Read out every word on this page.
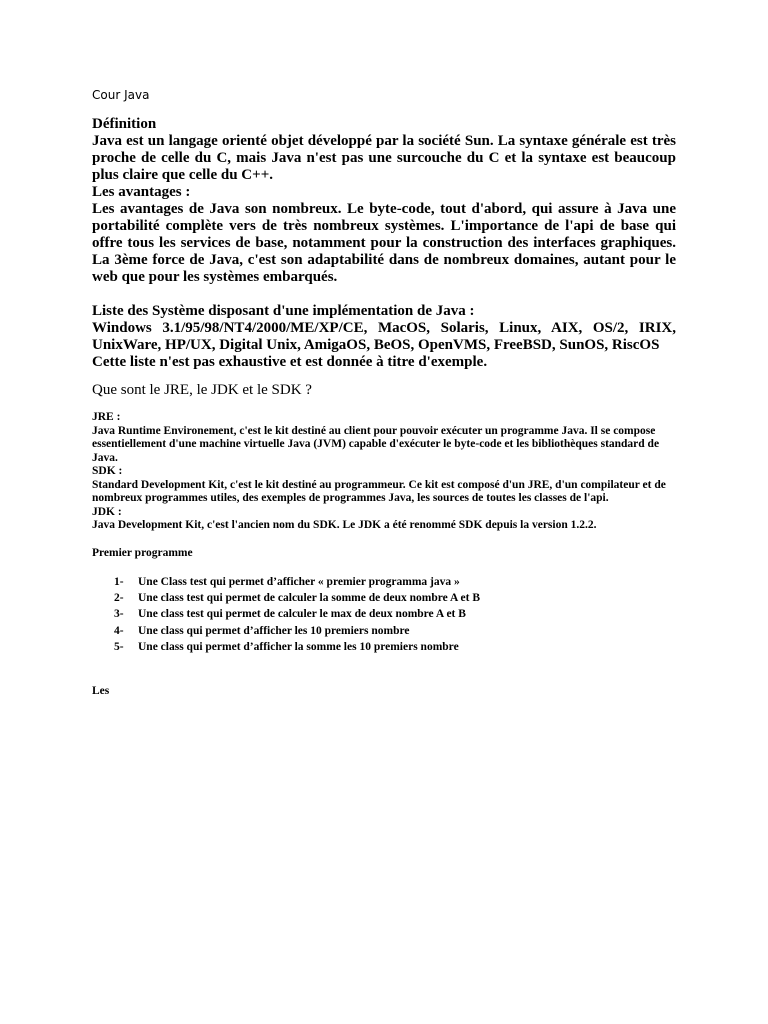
Cour Java

Définition

Java est un langage orienté objet développé par la société Sun. La syntaxe générale est très proche de celle du C, mais Java n'est pas une surcouche du C et la syntaxe est beaucoup plus claire que celle du C++.

Les avantages :

Les avantages de Java son nombreux. Le byte-code, tout d'abord, qui assure à Java une portabilité complète vers de très nombreux systèmes. L'importance de l'api de base qui offre tous les services de base, notamment pour la construction des interfaces graphiques. La 3ème force de Java, c'est son adaptabilité dans de nombreux domaines, autant pour le web que pour les systèmes embarqués.

Liste des Système disposant d'une implémentation de Java :

Windows 3.1/95/98/NT4/2000/ME/XP/CE, MacOS, Solaris, Linux, AIX, OS/2, IRIX, UnixWare, HP/UX, Digital Unix, AmigaOS, BeOS, OpenVMS, FreeBSD, SunOS, RiscOS

Cette liste n'est pas exhaustive et est donnée à titre d'exemple.

Que sont le JRE, le JDK et le SDK ?

JRE :

Java Runtime Environement, c'est le kit destiné au client pour pouvoir exécuter un programme Java. Il se compose essentiellement d'une machine virtuelle Java (JVM) capable d'exécuter le byte-code et les bibliothèques standard de Java.

SDK :

Standard Development Kit, c'est le kit destiné au programmeur. Ce kit est composé d'un JRE, d'un compilateur et de nombreux programmes utiles, des exemples de programmes Java, les sources de toutes les classes de l'api.

JDK :

Java Development Kit, c'est l'ancien nom du SDK. Le JDK a été renommé SDK depuis la version 1.2.2.

Premier programme

1- Une Class test qui permet d’afficher « premier programma java »
2- Une class test qui permet de calculer la somme de deux nombre A et B
3- Une class test qui permet de calculer le max de deux nombre A et B
4- Une class qui permet d’afficher les 10 premiers nombre
5- Une class qui permet d’afficher la somme les 10 premiers nombre

Les
